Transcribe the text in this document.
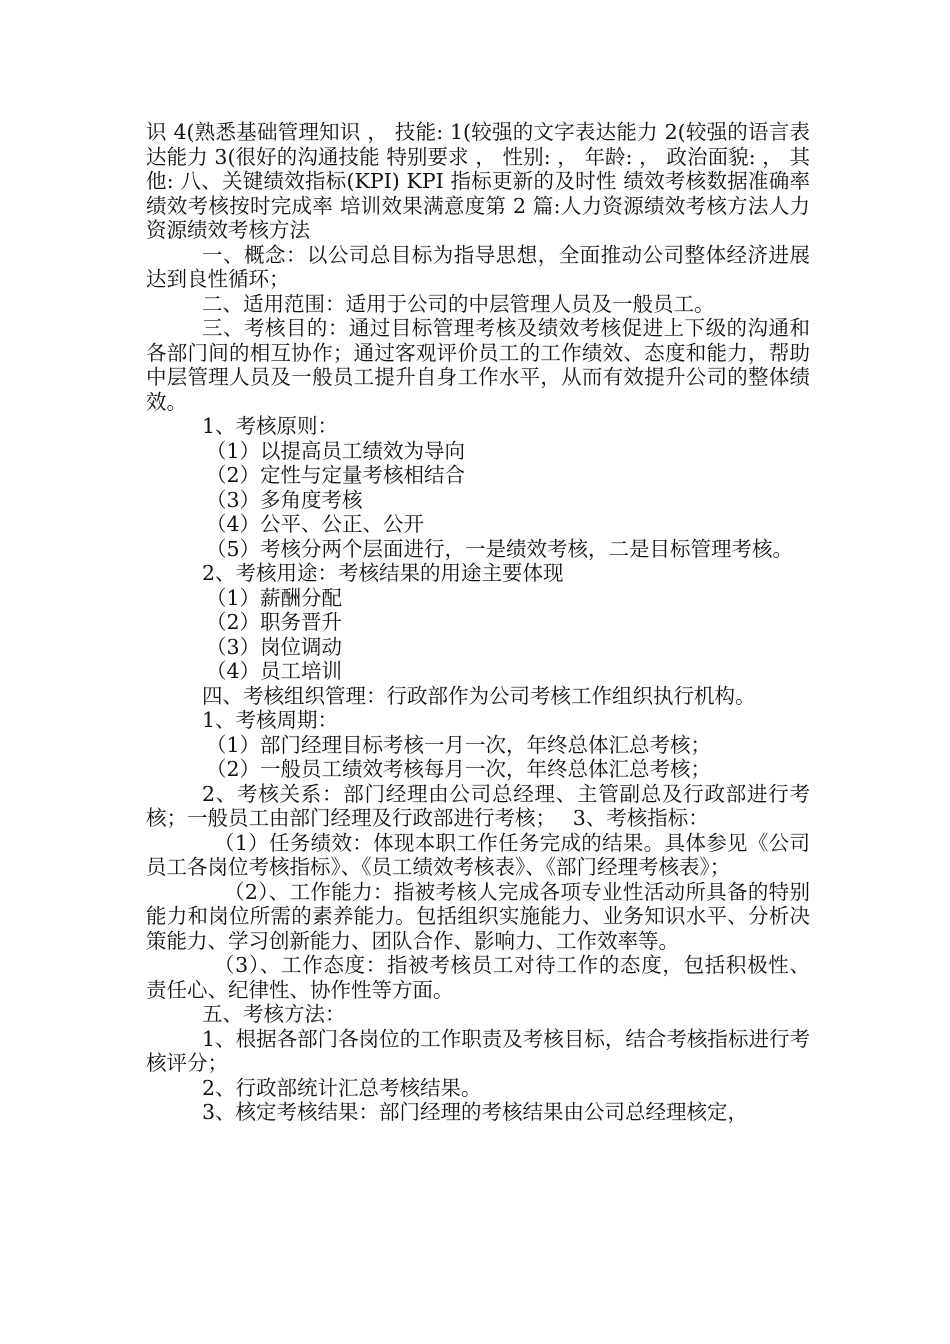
识 4(熟悉基础管理知识 ， 技能: 1(较强的文字表达能力 2(较强的语言表达能力 3(很好的沟通技能 特别要求 ， 性别: ， 年龄: ， 政治面貌: ， 其他: 八、关键绩效指标(KPI) KPI 指标更新的及时性 绩效考核数据准确率 绩效考核按时完成率 培训效果满意度第 2 篇:人力资源绩效考核方法人力资源绩效考核方法

一、概念：以公司总目标为指导思想，全面推动公司整体经济进展达到良性循环；

二、适用范围：适用于公司的中层管理人员及一般员工。

三、考核目的：通过目标管理考核及绩效考核促进上下级的沟通和各部门间的相互协作；通过客观评价员工的工作绩效、态度和能力，帮助中层管理人员及一般员工提升自身工作水平，从而有效提升公司的整体绩效。

1、考核原则：

（1）以提高员工绩效为导向

（2）定性与定量考核相结合

（3）多角度考核

（4）公平、公正、公开

（5）考核分两个层面进行，一是绩效考核，二是目标管理考核。

2、考核用途：考核结果的用途主要体现

（1）薪酬分配

（2）职务晋升

（3）岗位调动

（4）员工培训

四、考核组织管理：行政部作为公司考核工作组织执行机构。

1、考核周期：

（1）部门经理目标考核一月一次，年终总体汇总考核；

（2）一般员工绩效考核每月一次，年终总体汇总考核；

2、考核关系：部门经理由公司总经理、主管副总及行政部进行考核；一般员工由部门经理及行政部进行考核；　 3、考核指标：

（1）任务绩效：体现本职工作任务完成的结果。具体参见《公司员工各岗位考核指标》、《员工绩效考核表》、《部门经理考核表》；

（2）、工作能力：指被考核人完成各项专业性活动所具备的特别能力和岗位所需的素养能力。包括组织实施能力、业务知识水平、分析决策能力、学习创新能力、团队合作、影响力、工作效率等。

（3）、工作态度：指被考核员工对待工作的态度，包括积极性、责任心、纪律性、协作性等方面。

五、考核方法：

1、根据各部门各岗位的工作职责及考核目标，结合考核指标进行考核评分；

2、行政部统计汇总考核结果。

3、核定考核结果：部门经理的考核结果由公司总经理核定，
